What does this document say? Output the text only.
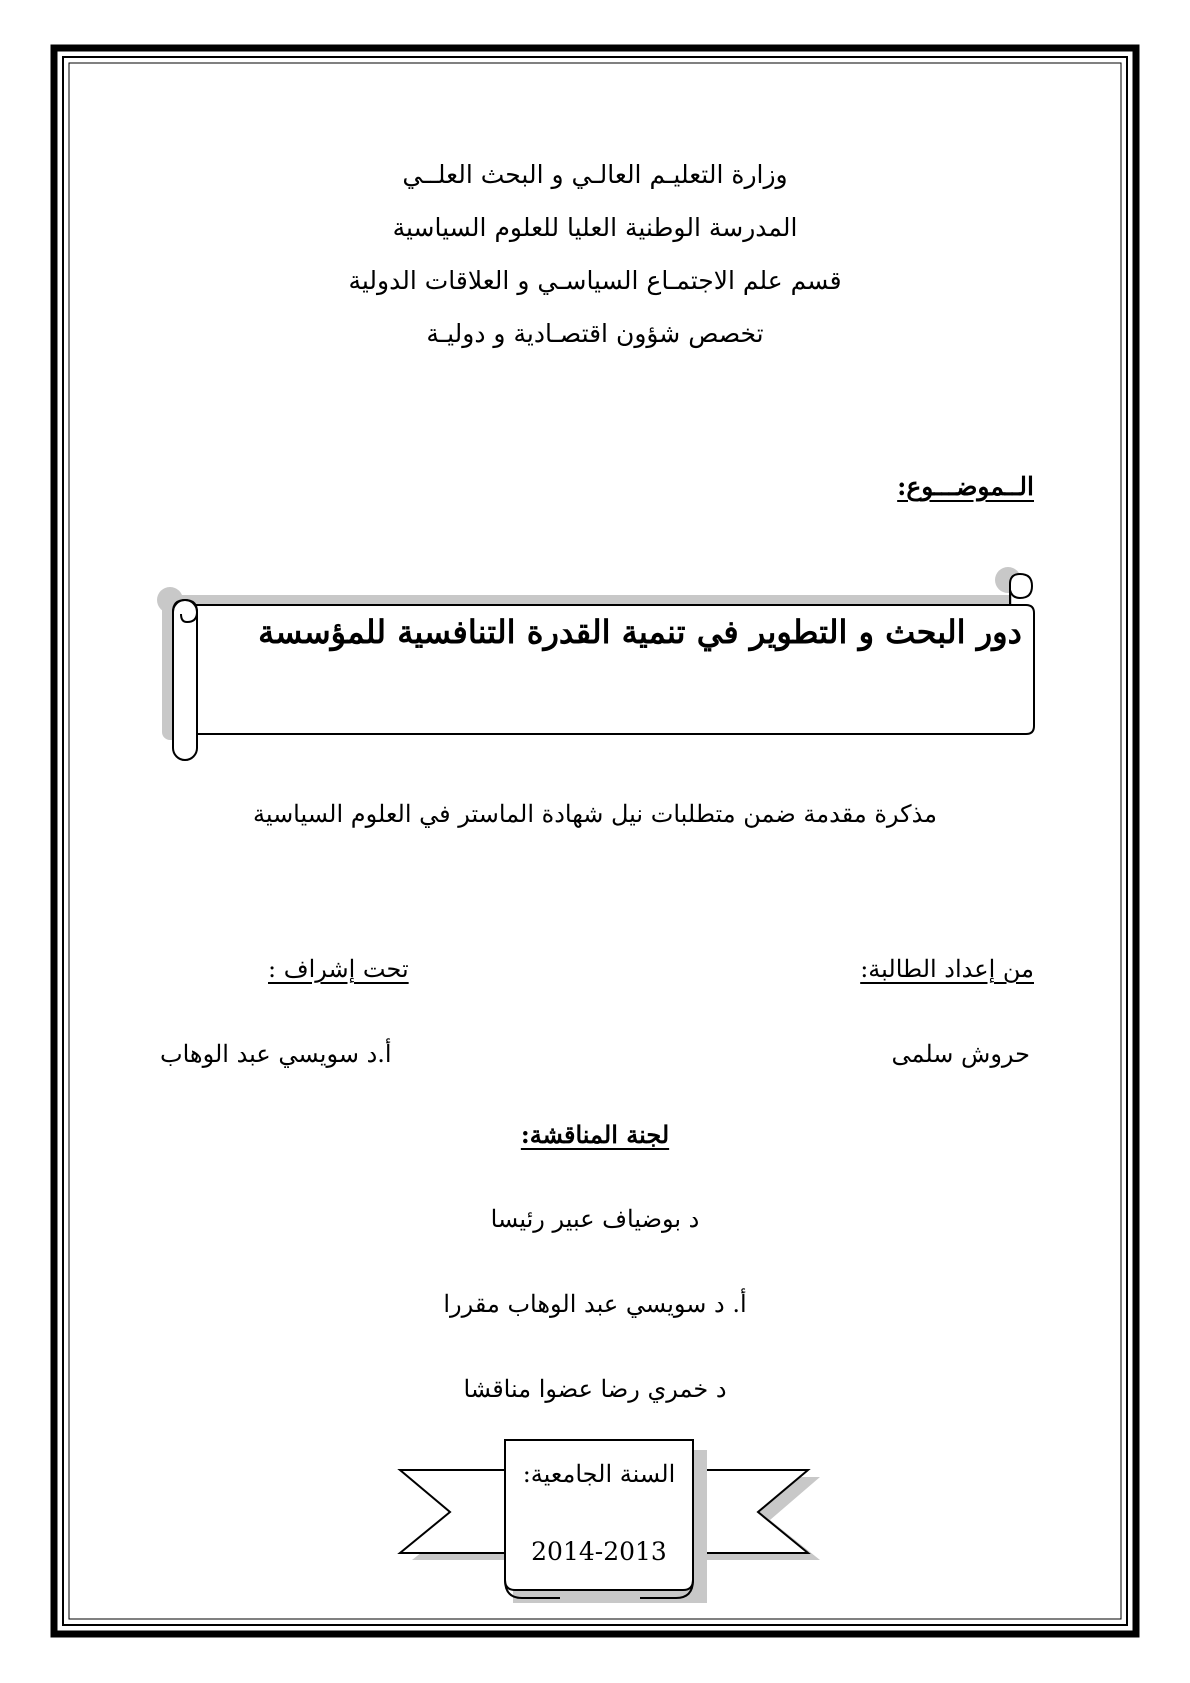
وزارة التعليـم العالـي و البحث العلــي
المدرسة الوطنية العليا للعلوم السياسية
قسم علم الاجتمـاع السياسـي و العلاقات الدولية
تخصص شؤون اقتصـادية و دوليـة
الــموضـــوع:
دور البحث و التطوير في تنمية القدرة التنافسية للمؤسسة
مذكرة مقدمة ضمن متطلبات نيل شهادة الماستر في العلوم السياسية
من إعداد الطالبة:
تحت إشراف :
حروش سلمى
أ.د سويسي عبد الوهاب
لجنة المناقشة:
د بوضياف عبير رئيسا
أ. د سويسي عبد الوهاب مقررا
د خمري رضا عضوا مناقشا
السنة الجامعية:
2014-2013
